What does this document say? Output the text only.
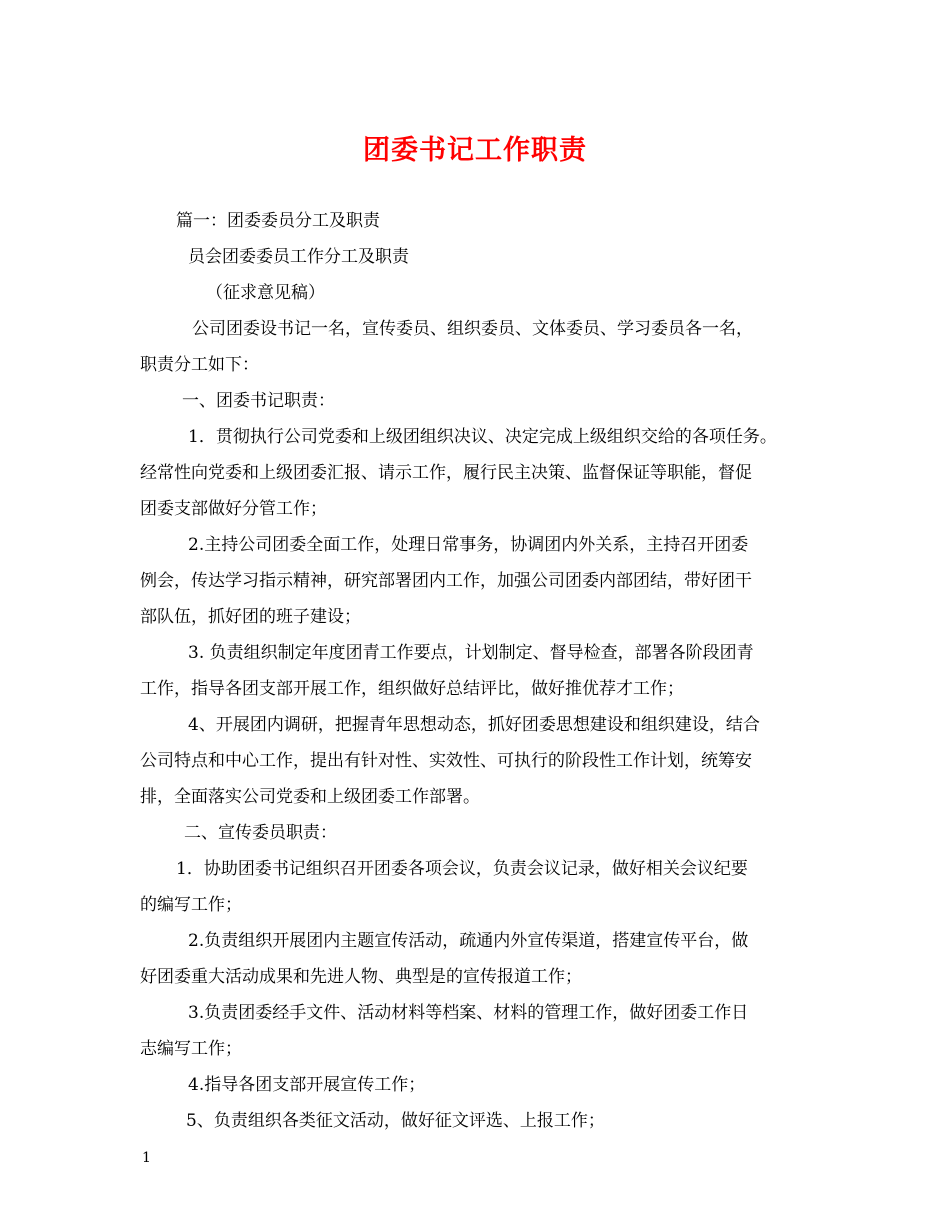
团委书记工作职责

篇一：团委委员分工及职责

员会团委委员工作分工及职责

（征求意见稿）

公司团委设书记一名，宣传委员、组织委员、文体委员、学习委员各一名，
职责分工如下：

一、团委书记职责：

1．贯彻执行公司党委和上级团组织决议、决定完成上级组织交给的各项任务。
经常性向党委和上级团委汇报、请示工作，履行民主决策、监督保证等职能，督促
团委支部做好分管工作；

2.主持公司团委全面工作，处理日常事务，协调团内外关系，主持召开团委
例会，传达学习指示精神，研究部署团内工作，加强公司团委内部团结，带好团干
部队伍，抓好团的班子建设；

3. 负责组织制定年度团青工作要点，计划制定、督导检查，部署各阶段团青
工作，指导各团支部开展工作，组织做好总结评比，做好推优荐才工作；

4、开展团内调研，把握青年思想动态，抓好团委思想建设和组织建设，结合
公司特点和中心工作，提出有针对性、实效性、可执行的阶段性工作计划，统筹安
排，全面落实公司党委和上级团委工作部署。

二、宣传委员职责：

1．协助团委书记组织召开团委各项会议，负责会议记录，做好相关会议纪要
的编写工作；

2.负责组织开展团内主题宣传活动，疏通内外宣传渠道，搭建宣传平台，做
好团委重大活动成果和先进人物、典型是的宣传报道工作；

3.负责团委经手文件、活动材料等档案、材料的管理工作，做好团委工作日
志编写工作；

4.指导各团支部开展宣传工作；

5、负责组织各类征文活动，做好征文评选、上报工作；

1
